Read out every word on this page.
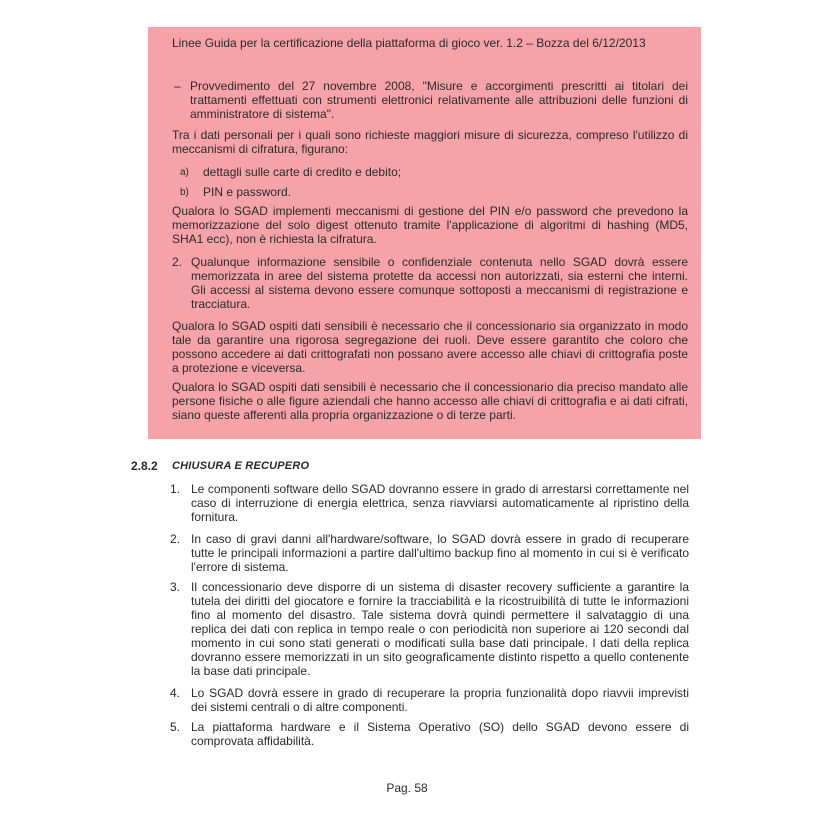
Linee Guida per la certificazione della piattaforma di gioco ver. 1.2 – Bozza del 6/12/2013

– Provvedimento del 27 novembre 2008, "Misure e accorgimenti prescritti ai titolari dei trattamenti effettuati con strumenti elettronici relativamente alle attribuzioni delle funzioni di amministratore di sistema".

Tra i dati personali per i quali sono richieste maggiori misure di sicurezza, compreso l'utilizzo di meccanismi di cifratura, figurano:

a) dettagli sulle carte di credito e debito;
b) PIN e password.

Qualora lo SGAD implementi meccanismi di gestione del PIN e/o password che prevedono la memorizzazione del solo digest ottenuto tramite l'applicazione di algoritmi di hashing (MD5, SHA1 ecc), non è richiesta la cifratura.

2. Qualunque informazione sensibile o confidenziale contenuta nello SGAD dovrà essere memorizzata in aree del sistema protette da accessi non autorizzati, sia esterni che interni. Gli accessi al sistema devono essere comunque sottoposti a meccanismi di registrazione e tracciatura.

Qualora lo SGAD ospiti dati sensibili è necessario che il concessionario sia organizzato in modo tale da garantire una rigorosa segregazione dei ruoli. Deve essere garantito che coloro che possono accedere ai dati crittografati non possano avere accesso alle chiavi di crittografia poste a protezione e viceversa.

Qualora lo SGAD ospiti dati sensibili è necessario che il concessionario dia preciso mandato alle persone fisiche o alle figure aziendali che hanno accesso alle chiavi di crittografia e ai dati cifrati, siano queste afferenti alla propria organizzazione o di terze parti.

2.8.2 CHIUSURA E RECUPERO
1. Le componenti software dello SGAD dovranno essere in grado di arrestarsi correttamente nel caso di interruzione di energia elettrica, senza riavviarsi automaticamente al ripristino della fornitura.

2. In caso di gravi danni all'hardware/software, lo SGAD dovrà essere in grado di recuperare tutte le principali informazioni a partire dall'ultimo backup fino al momento in cui si è verificato l'errore di sistema.

3. Il concessionario deve disporre di un sistema di disaster recovery sufficiente a garantire la tutela dei diritti del giocatore e fornire la tracciabilità e la ricostruibilità di tutte le informazioni fino al momento del disastro. Tale sistema dovrà quindi permettere il salvataggio di una replica dei dati con replica in tempo reale o con periodicità non superiore ai 120 secondi dal momento in cui sono stati generati o modificati sulla base dati principale. I dati della replica dovranno essere memorizzati in un sito geograficamente distinto rispetto a quello contenente la base dati principale.

4. Lo SGAD dovrà essere in grado di recuperare la propria funzionalità dopo riavvii imprevisti dei sistemi centrali o di altre componenti.

5. La piattaforma hardware e il Sistema Operativo (SO) dello SGAD devono essere di comprovata affidabilità.

Pag. 58
